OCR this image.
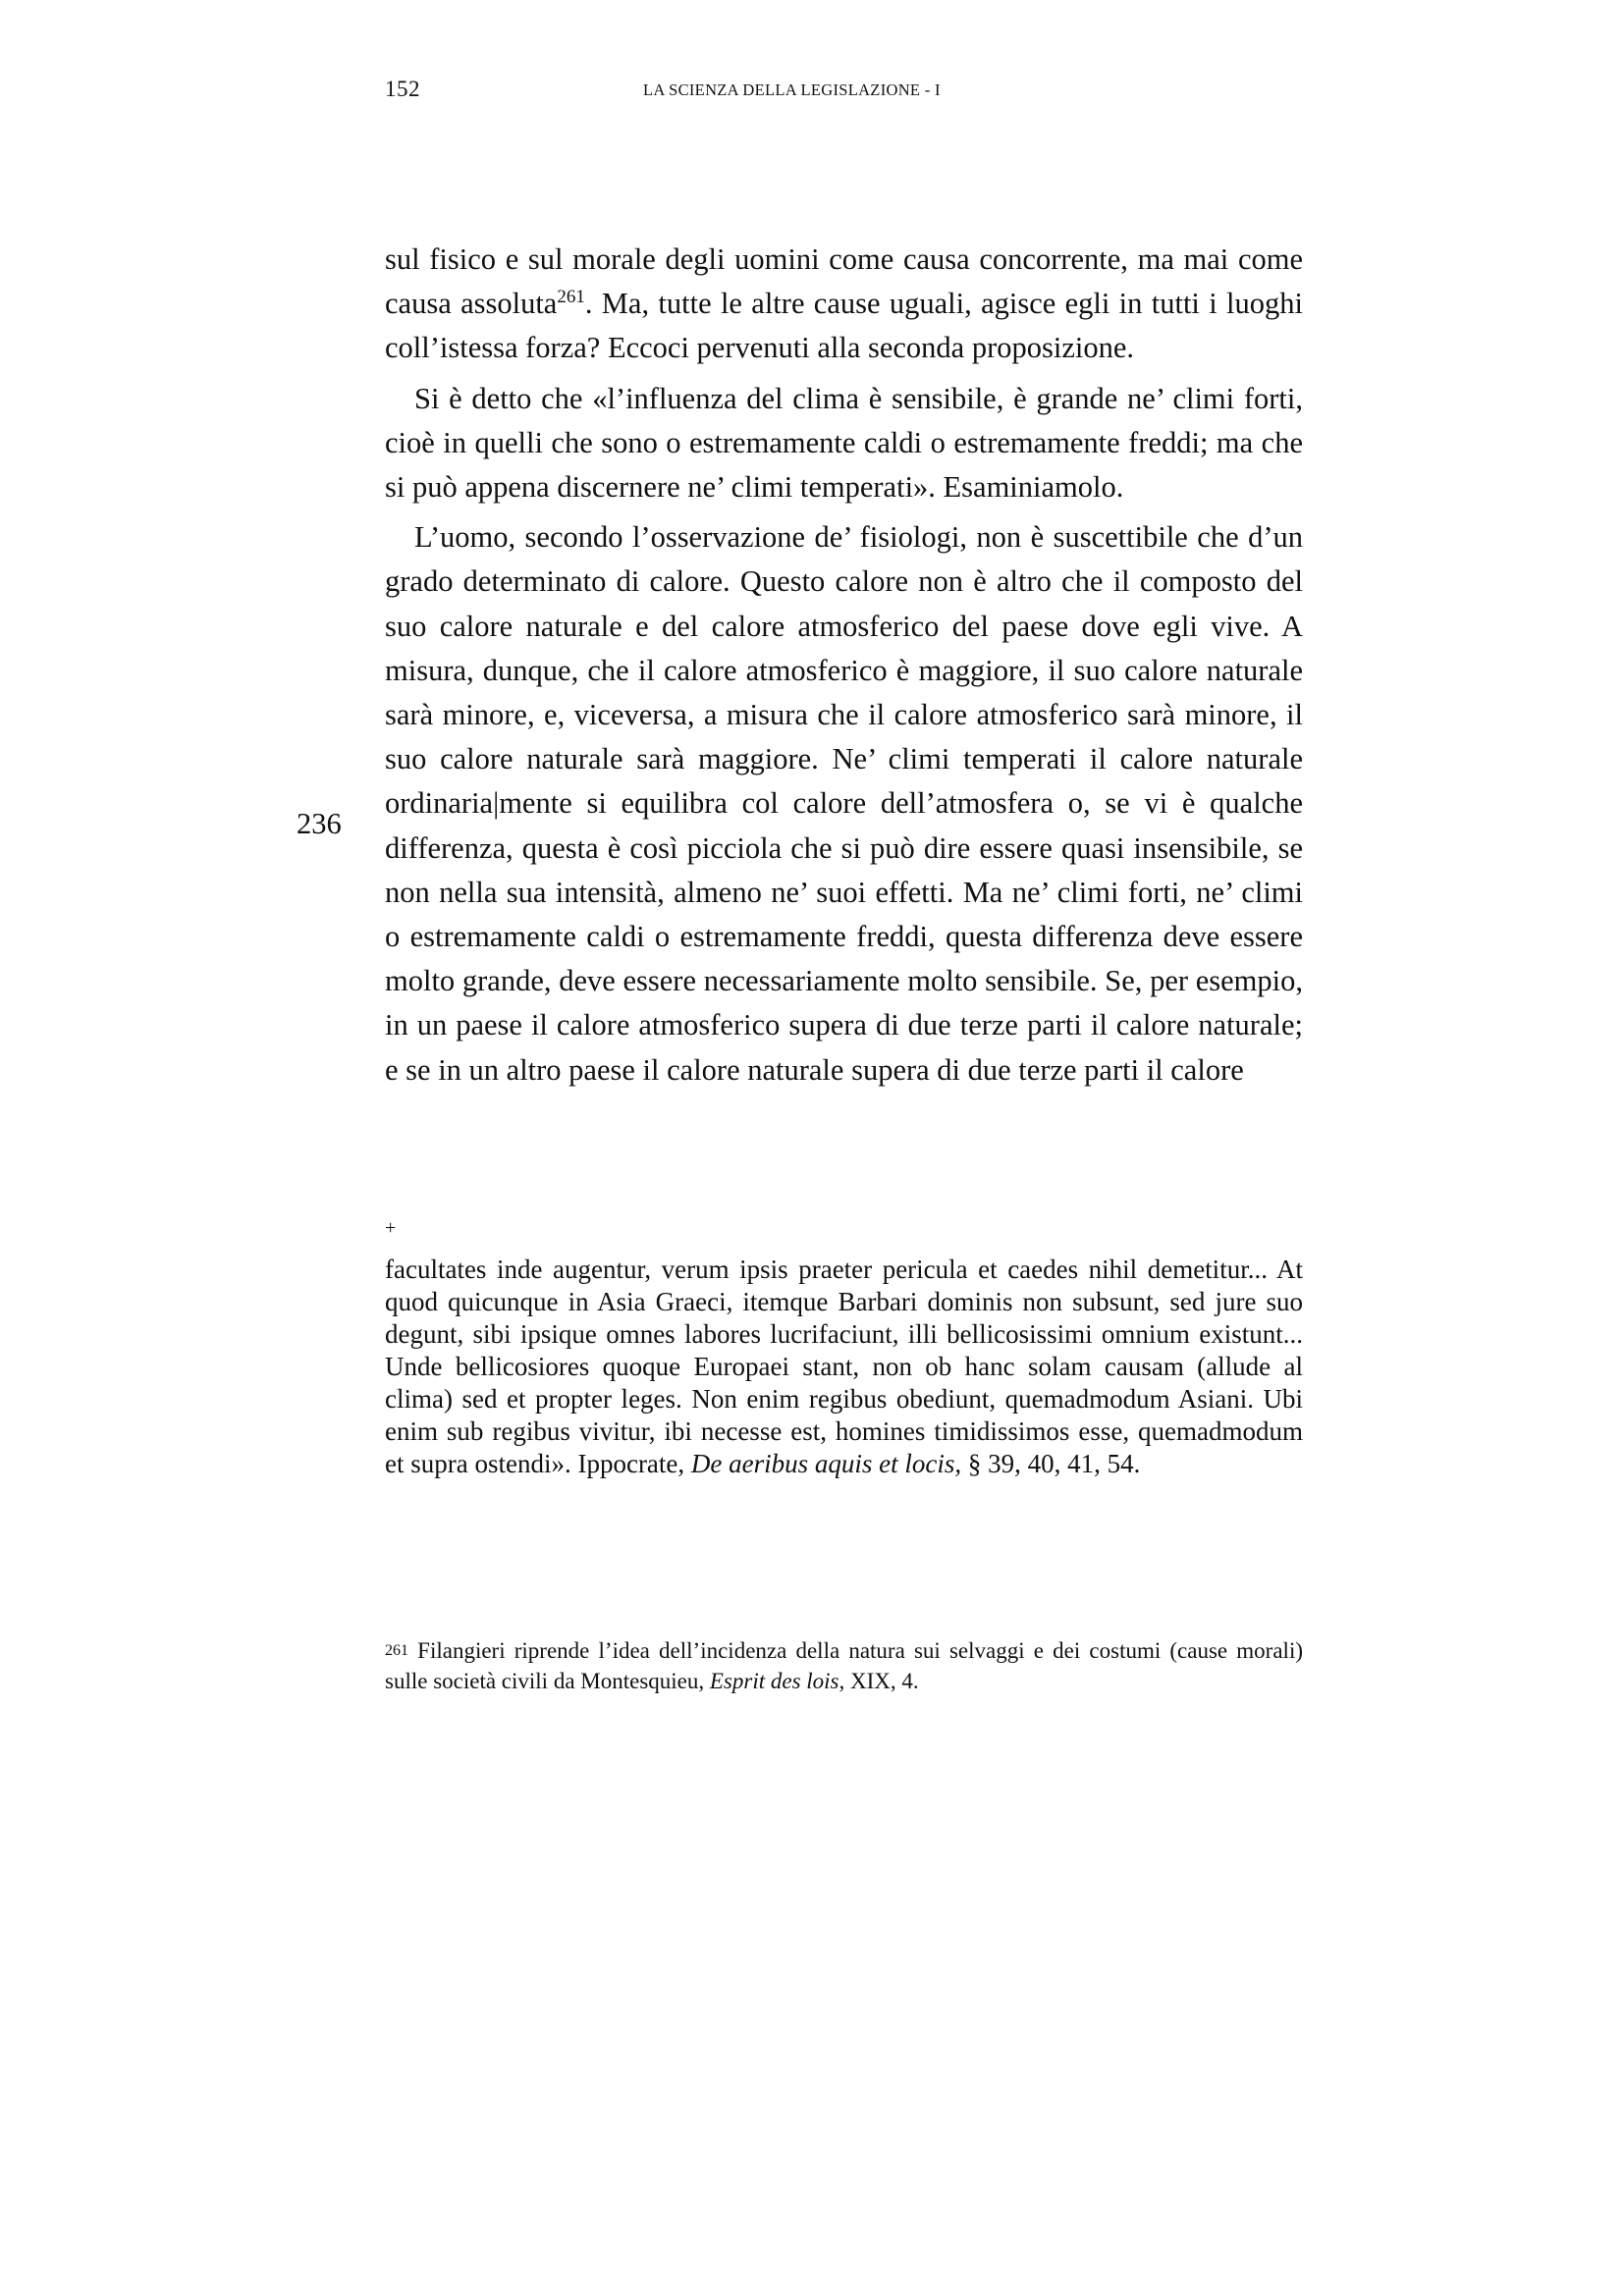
152	LA SCIENZA DELLA LEGISLAZIONE - I
236

sul fisico e sul morale degli uomini come causa concorrente, ma mai come causa assoluta$^{261}$. Ma, tutte le altre cause uguali, agisce egli in tutti i luoghi coll’istessa forza? Eccoci pervenuti alla seconda proposizione.

Si è detto che «l’influenza del clima è sensibile, è grande ne’ climi forti, cioè in quelli che sono o estremamente caldi o estremamente freddi; ma che si può appena discernere ne’ climi temperati». Esaminiamolo.

L’uomo, secondo l’osservazione de’ fisiologi, non è suscettibile che d’un grado determinato di calore. Questo calore non è altro che il composto del suo calore naturale e del calore atmosferico del paese dove egli vive. A misura, dunque, che il calore atmosferico è maggiore, il suo calore naturale sarà minore, e, viceversa, a misura che il calore atmosferico sarà minore, il suo calore naturale sarà maggiore. Ne’ climi temperati il calore naturale ordinaria|mente si equilibra col calore dell’atmosfera o, se vi è qualche differenza, questa è così picciola che si può dire essere quasi insensibile, se non nella sua intensità, almeno ne’ suoi effetti. Ma ne’ climi forti, ne’ climi o estremamente caldi o estremamente freddi, questa differenza deve essere molto grande, deve essere necessariamente molto sensibile. Se, per esempio, in un paese il calore atmosferico supera di due terze parti il calore naturale; e se in un altro paese il calore naturale supera di due terze parti il calore

+

facultates inde augentur, verum ipsis praeter pericula et caedes nihil demetitur... At quod quicunque in Asia Graeci, itemque Barbari dominis non subsunt, sed jure suo degunt, sibi ipsique omnes labores lucrifaciunt, illi bellicosissimi omnium existunt... Unde bellicosiores quoque Europaei stant, non ob hanc solam causam (allude al clima) sed et propter leges. Non enim regibus obediunt, quemadmodum Asiani. Ubi enim sub regibus vivitur, ibi necesse est, homines timidissimos esse, quemadmodum et supra ostendi». Ippocrate, De aeribus aquis et locis, § 39, 40, 41, 54.

261 Filangieri riprende l’idea dell’incidenza della natura sui selvaggi e dei costumi (cause morali) sulle società civili da Montesquieu, Esprit des lois, XIX, 4.
